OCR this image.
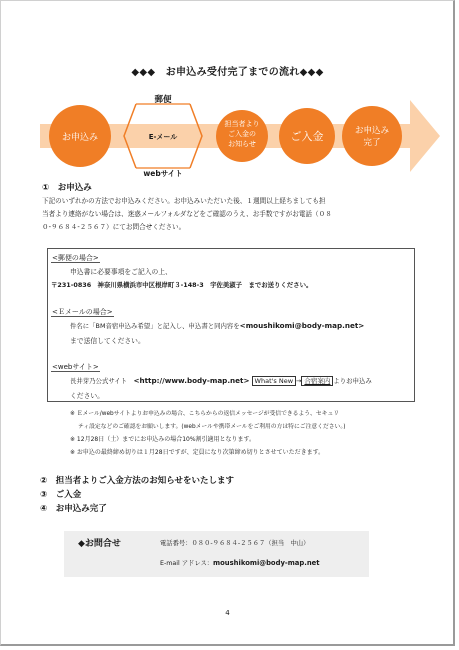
◆◆◆　お申込み受付完了までの流れ◆◆◆
お申込み
郵便
E-メール
webサイト
担当者より
ご入金の
お知らせ
ご入金	お申込み
完了
①　お申込み
下記のいずれかの方法でお申込みください。お申込みいただいた後、１週間以上経ちましても担
当者より連絡がない場合は、迷惑メールフォルダなどをご確認のうえ、お手数ですがお電話（０８
０-９６８４-２５６７）にてお問合せください。
<郵便の場合>
申込書に必要事項をご記入の上、
〒231-0836　神奈川県横浜市中区根岸町３-148-3　宇佐美淑子　までお送りください。
<Ｅメールの場合>
件名に「BM音宿申込み希望」と記入し、申込書と同内容を<moushikomi@body-map.net>
まで送信してください。
<webサイト>
長井芽乃公式サイト　<http://www.body-map.net> What's New → 合宿案内 よりお申込み
ください。
※ Ｅメール/webサイトよりお申込みの場合、こちらからの返信メッセージが受信できるよう、セキュリ
ティ設定などのご確認をお願いします。(webメールや携帯メールをご利用の方は特にご注意ください。)
※ 12月28日（土）までにお申込みの場合10%割引適用となります。
※ お申込の最終締め切りは１月28日ですが、定員になり次第締め切りとさせていただきます。
②　担当者よりご入金方法のお知らせをいたします
③　ご入金
④　お申込み完了
◆お問合せ	電話番号：０８０-９６８４-２５６７（担当　中山）
E-mail アドレス：moushikomi@body-map.net
4
